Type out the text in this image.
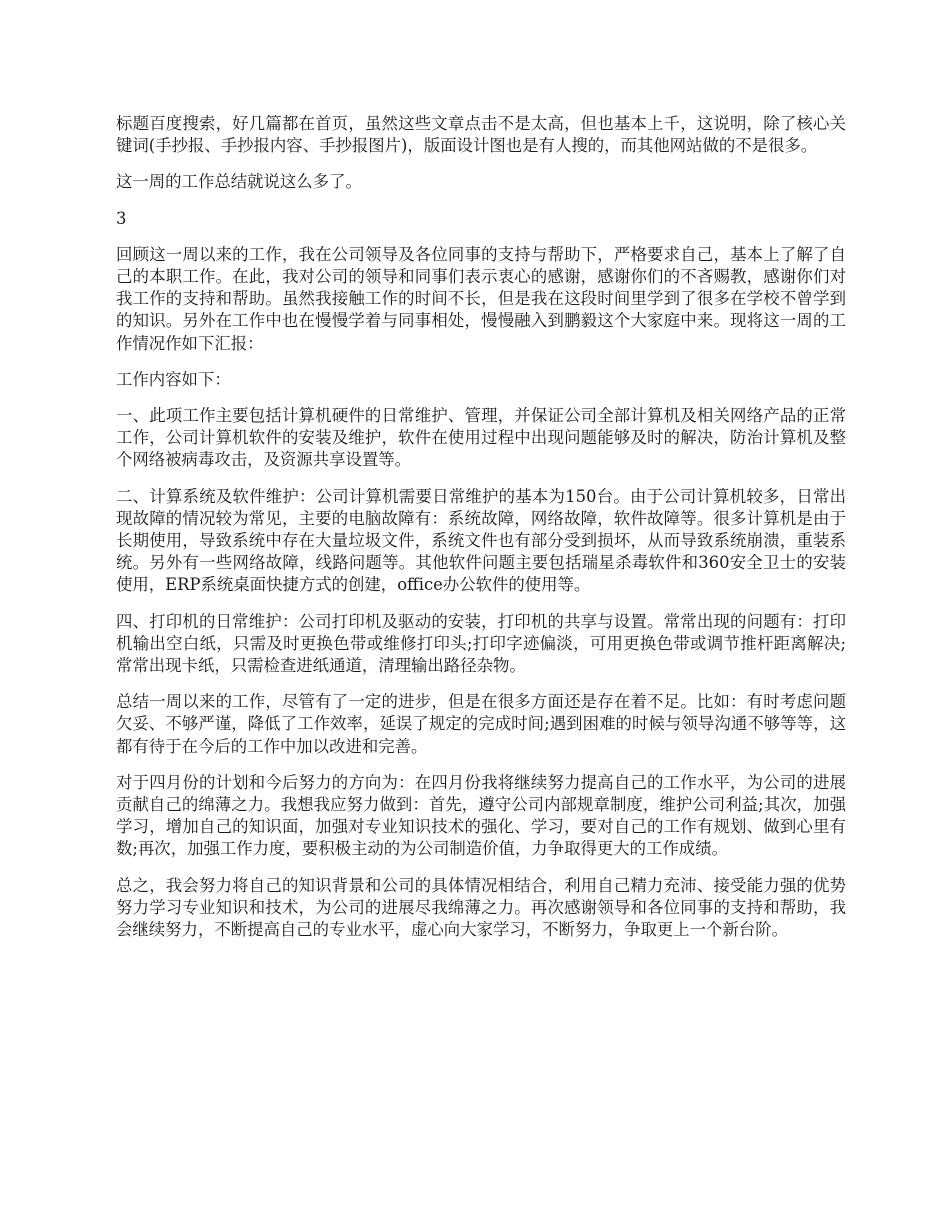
标题百度搜索，好几篇都在首页，虽然这些文章点击不是太高，但也基本上千，这说明，除了核心关键词(手抄报、手抄报内容、手抄报图片)，版面设计图也是有人搜的，而其他网站做的不是很多。

这一周的工作总结就说这么多了。

3

回顾这一周以来的工作，我在公司领导及各位同事的支持与帮助下，严格要求自己，基本上了解了自己的本职工作。在此，我对公司的领导和同事们表示衷心的感谢，感谢你们的不吝赐教，感谢你们对我工作的支持和帮助。虽然我接触工作的时间不长，但是我在这段时间里学到了很多在学校不曾学到的知识。另外在工作中也在慢慢学着与同事相处，慢慢融入到鹏毅这个大家庭中来。现将这一周的工作情况作如下汇报：

工作内容如下：

一、此项工作主要包括计算机硬件的日常维护、管理，并保证公司全部计算机及相关网络产品的正常工作，公司计算机软件的安装及维护，软件在使用过程中出现问题能够及时的解决，防治计算机及整个网络被病毒攻击，及资源共享设置等。

二、计算系统及软件维护：公司计算机需要日常维护的基本为150台。由于公司计算机较多，日常出现故障的情况较为常见，主要的电脑故障有：系统故障，网络故障，软件故障等。很多计算机是由于长期使用，导致系统中存在大量垃圾文件，系统文件也有部分受到损坏，从而导致系统崩溃，重装系统。另外有一些网络故障，线路问题等。其他软件问题主要包括瑞星杀毒软件和360安全卫士的安装使用，ERP系统桌面快捷方式的创建，office办公软件的使用等。

四、打印机的日常维护：公司打印机及驱动的安装，打印机的共享与设置。常常出现的问题有：打印机输出空白纸，只需及时更换色带或维修打印头;打印字迹偏淡，可用更换色带或调节推杆距离解决;常常出现卡纸，只需检查进纸通道，清理输出路径杂物。

总结一周以来的工作，尽管有了一定的进步，但是在很多方面还是存在着不足。比如：有时考虑问题欠妥、不够严谨，降低了工作效率，延误了规定的完成时间;遇到困难的时候与领导沟通不够等等，这都有待于在今后的工作中加以改进和完善。

对于四月份的计划和今后努力的方向为：在四月份我将继续努力提高自己的工作水平，为公司的进展贡献自己的绵薄之力。我想我应努力做到：首先，遵守公司内部规章制度，维护公司利益;其次，加强学习，增加自己的知识面，加强对专业知识技术的强化、学习，要对自己的工作有规划、做到心里有数;再次，加强工作力度，要积极主动的为公司制造价值，力争取得更大的工作成绩。

总之，我会努力将自己的知识背景和公司的具体情况相结合，利用自己精力充沛、接受能力强的优势努力学习专业知识和技术，为公司的进展尽我绵薄之力。再次感谢领导和各位同事的支持和帮助，我会继续努力，不断提高自己的专业水平，虚心向大家学习，不断努力，争取更上一个新台阶。
